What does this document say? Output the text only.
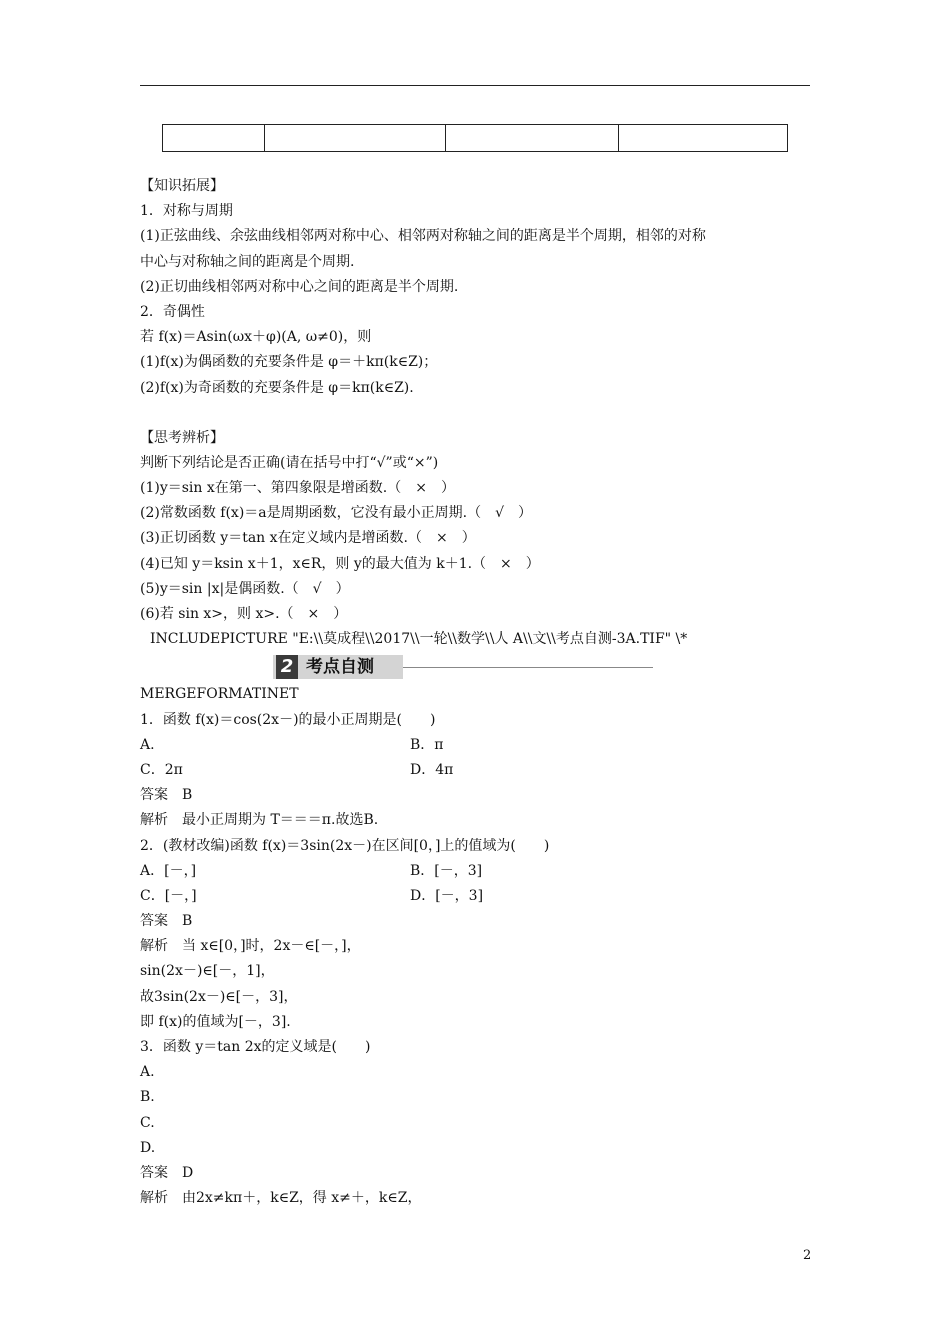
【知识拓展】
1．对称与周期
(1)正弦曲线、余弦曲线相邻两对称中心、相邻两对称轴之间的距离是半个周期，相邻的对称
中心与对称轴之间的距离是个周期.
(2)正切曲线相邻两对称中心之间的距离是半个周期.
2．奇偶性
若 f(x)＝Asin(ωx＋φ)(A, ω≠0)，则
(1)f(x)为偶函数的充要条件是 φ＝＋kπ(k∈Z)；
(2)f(x)为奇函数的充要条件是 φ＝kπ(k∈Z).
【思考辨析】
判断下列结论是否正确(请在括号中打“√”或“×”)
(1)y＝sin x在第一、第四象限是增函数.（　×　）
(2)常数函数 f(x)＝a是周期函数，它没有最小正周期.（　√　）
(3)正切函数 y＝tan x在定义域内是增函数.（　×　）
(4)已知 y＝ksin x＋1，x∈R，则 y的最大值为 k＋1.（　×　）
(5)y＝sin |x|是偶函数.（　√　）
(6)若 sin x>，则 x>.（　×　）
INCLUDEPICTURE "E:\\莫成程\\2017\\一轮\\数学\\人 A\\文\\考点自测-3A.TIF" \*
2 考点自测
MERGEFORMATINET
1．函数 f(x)＝cos(2x－)的最小正周期是(　　)
A.	B．π
C．2π	D．4π
答案　B
解析　最小正周期为 T＝＝＝π.故选B.
2．(教材改编)函数 f(x)＝3sin(2x－)在区间[0，]上的值域为(　　)
A．[－，]	B．[－，3]
C．[－，]	D．[－，3]
答案　B
解析　当 x∈[0，]时，2x－∈[－，]，
sin(2x－)∈[－，1]，
故3sin(2x－)∈[－，3]，
即 f(x)的值域为[－，3].
3．函数 y＝tan 2x的定义域是(　　)
A.
B.
C.
D.
答案　D
解析　由2x≠kπ＋，k∈Z，得 x≠＋，k∈Z，
2
